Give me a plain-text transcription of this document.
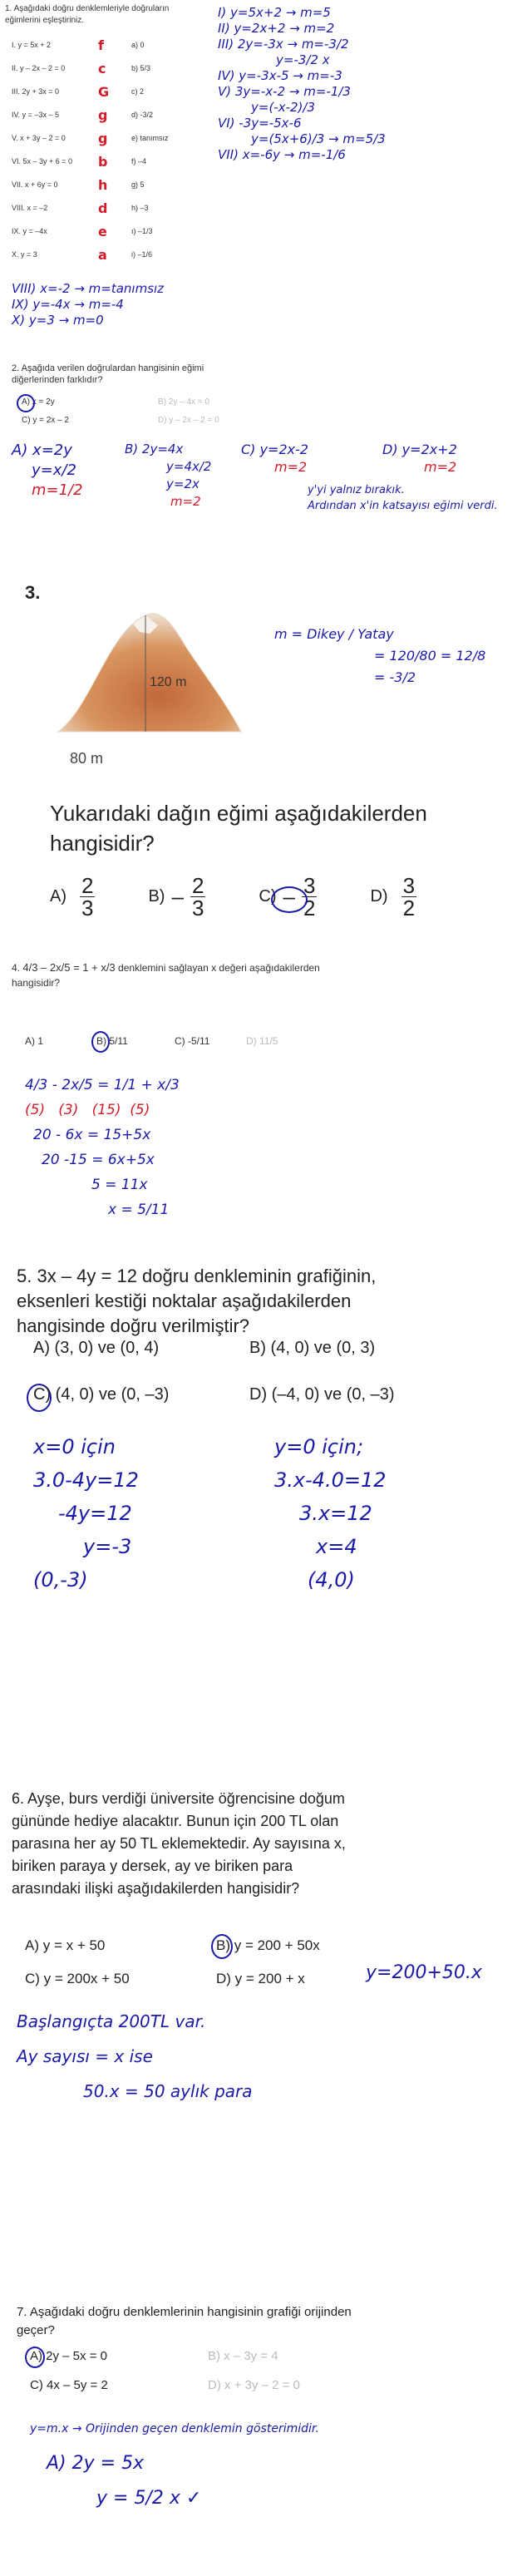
1. Aşağıdaki doğru denklemleriyle doğruların eğimlerini eşleştiriniz.
I. y = 5x + 2	f	a) 0
II. y – 2x – 2 = 0	c	b) 5/3
III. 2y + 3x = 0	G	c) 2
IV. y = –3x – 5	g	d) -3/2
V. x + 3y – 2 = 0	g	e) tanımsız
VI. 5x – 3y + 6 = 0	b	f) –4
VII. x + 6y = 0	h	g) 5
VIII. x = –2	d	h) –3
IX. y = –4x	e	ı) –1/3
X. y = 3	a	i) –1/6
I) y=5x+2 → m=5
II) y=2x+2 → m=2
III) 2y=-3x → m=-3/2
y=-3/2 x
IV) y=-3x-5 → m=-3
V) 3y=-x-2 → m=-1/3
y=(-x-2)/3
VI) -3y=-5x-6
y=(5x+6)/3 → m=5/3
VII) x=-6y → m=-1/6
VIII) x=-2 → m=tanımsız
IX) y=-4x → m=-4
X) y=3 → m=0
2. Aşağıda verilen doğrulardan hangisinin eğimi diğerlerinden farklıdır?
A) x = 2y	B) 2y – 4x = 0
C) y = 2x – 2	D) y – 2x – 2 = 0
A) x=2y
y=x/2
m=1/2
B) 2y=4x
y=4x/2
y=2x
m=2
C) y=2x-2
m=2
D) y=2x+2
m=2
y'yi yalnız bırakık.
Ardından x'in katsayısı eğimi verdi.
3.
120 m
80 m
m = Dikey / Yatay
= 120/80 = 12/8
= -3/2
Yukarıdaki dağın eğimi aşağıdakilerden hangisidir?
$A) \frac{2}{3}$	$B) - \frac{2}{3}$	$C) - \frac{3}{2}$	$D) \frac{3}{2}$
4. 4/3 – 2x/5 = 1 + x/3 denklemini sağlayan x değeri aşağıdakilerden hangisidir?
A) 1	B) 5/11	C) -5/11	D) 11/5
4/3 - 2x/5 = 1/1 + x/3
(5)   (3)   (15)  (5)
20 - 6x = 15+5x
20 -15 = 6x+5x
5 = 11x
x = 5/11
5. 3x – 4y = 12 doğru denkleminin grafiğinin, eksenleri kestiği noktalar aşağıdakilerden hangisinde doğru verilmiştir?
A) (3, 0) ve (0, 4)	B) (4, 0) ve (0, 3)
C) (4, 0) ve (0, –3)	D) (–4, 0) ve (0, –3)
x=0 için
3.0-4y=12
-4y=12
y=-3
(0,-3)
y=0 için;
3.x-4.0=12
3.x=12
x=4
(4,0)
6. Ayşe, burs verdiği üniversite öğrencisine doğum gününde hediye alacaktır. Bunun için 200 TL olan parasına her ay 50 TL eklemektedir. Ay sayısına x, biriken paraya y dersek, ay ve biriken para arasındaki ilişki aşağıdakilerden hangisidir?
A) y = x + 50	B) y = 200 + 50x
C) y = 200x + 50	D) y = 200 + x	y=200+50.x
Başlangıçta 200TL var.
Ay sayısı = x ise
50.x = 50 aylık para
7. Aşağıdaki doğru denklemlerinin hangisinin grafiği orijinden geçer?
A) 2y – 5x = 0	B) x – 3y = 4
C) 4x – 5y = 2	D) x + 3y – 2 = 0
y=m.x → Orijinden geçen denklemin gösterimidir.
A) 2y = 5x
y = 5/2 x ✓
